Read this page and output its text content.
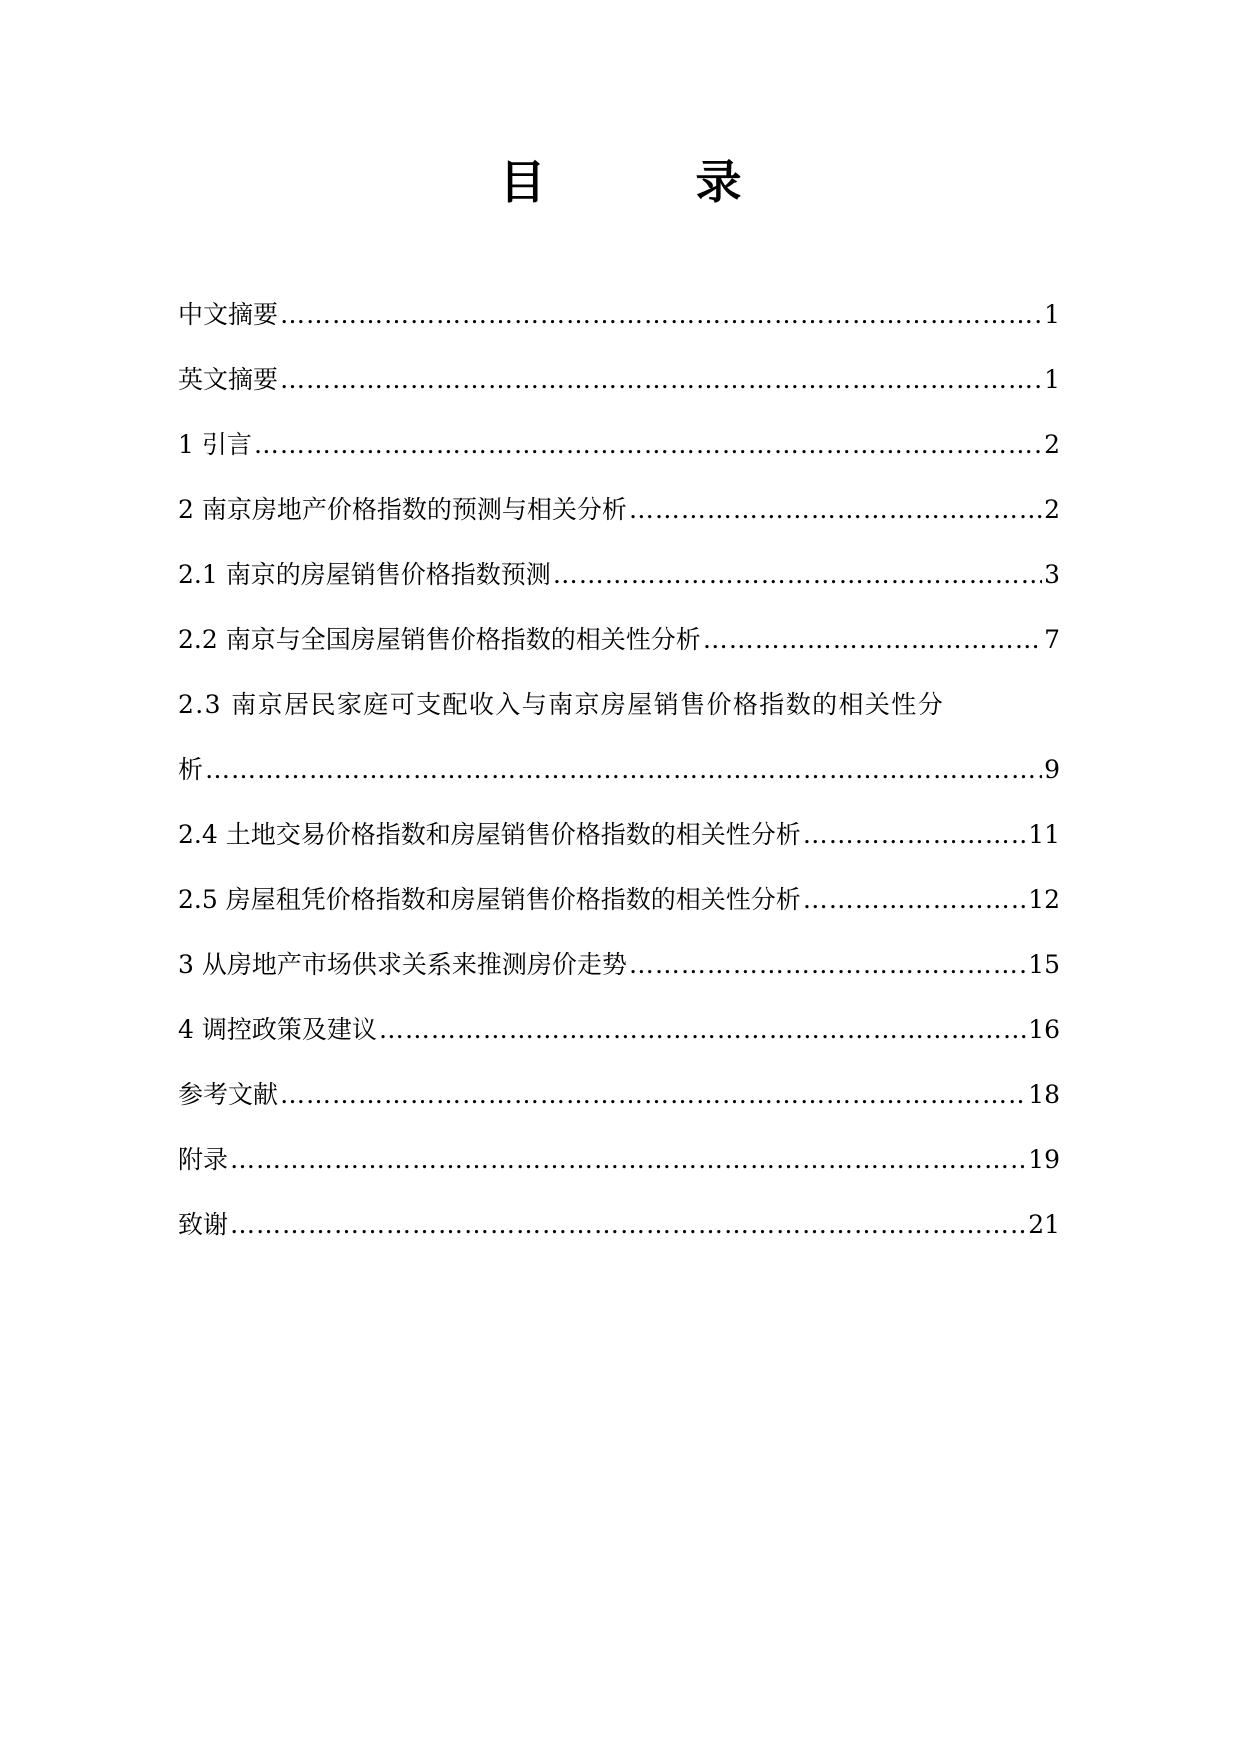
目　录
中文摘要 ……………………………………………………………………………………………………………………………………	1
英文摘要 ……………………………………………………………………………………………………………………………………	1
1 引言 ……………………………………………………………………………………………………………………………………	2
2 南京房地产价格指数的预测与相关分析 ……………………………………………………………………………………………………………………………………	2
2.1 南京的房屋销售价格指数预测 ……………………………………………………………………………………………………………………………………	3
2.2 南京与全国房屋销售价格指数的相关性分析 ……………………………………………………………………………………………………………………………………	7
2.3 南京居民家庭可支配收入与南京房屋销售价格指数的相关性分
析 ……………………………………………………………………………………………………………………………………	9
2.4 土地交易价格指数和房屋销售价格指数的相关性分析 ……………………………………………………………………………………………………………………………………	11
2.5 房屋租凭价格指数和房屋销售价格指数的相关性分析 ……………………………………………………………………………………………………………………………………	12
3 从房地产市场供求关系来推测房价走势 ……………………………………………………………………………………………………………………………………	15
4 调控政策及建议 ……………………………………………………………………………………………………………………………………	16
参考文献 ……………………………………………………………………………………………………………………………………	18
附录 ……………………………………………………………………………………………………………………………………	19
致谢 ……………………………………………………………………………………………………………………………………	21
